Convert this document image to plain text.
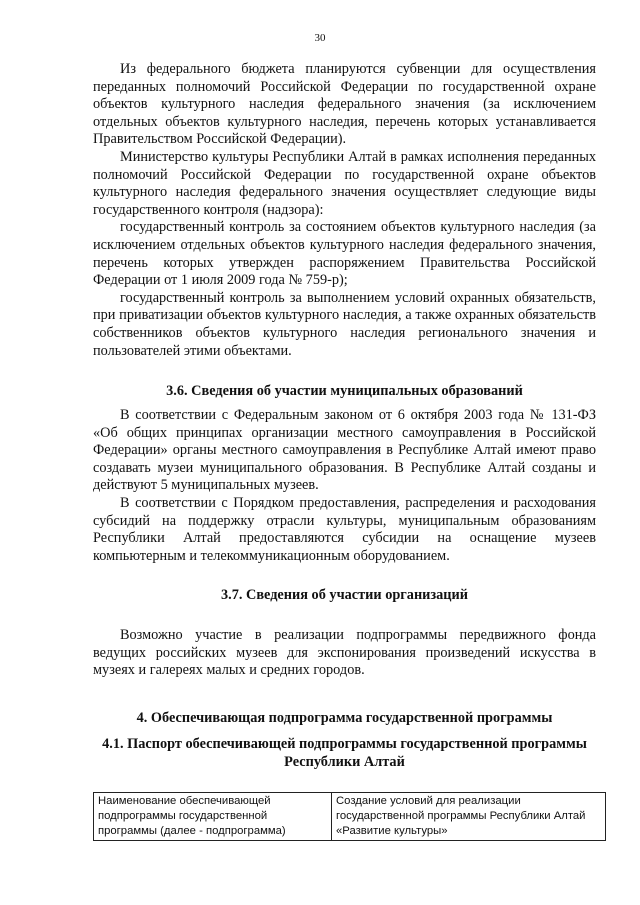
30

Из федерального бюджета планируются субвенции для осуществления переданных полномочий Российской Федерации по государственной охране объектов культурного наследия федерального значения (за исключением отдельных объектов культурного наследия, перечень которых устанавливается Правительством Российской Федерации).

Министерство культуры Республики Алтай в рамках исполнения переданных полномочий Российской Федерации по государственной охране объектов культурного наследия федерального значения осуществляет следующие виды государственного контроля (надзора):

государственный контроль за состоянием объектов культурного наследия (за исключением отдельных объектов культурного наследия федерального значения, перечень которых утвержден распоряжением Правительства Российской Федерации от 1 июля 2009 года № 759-р);

государственный контроль за выполнением условий охранных обязательств, при приватизации объектов культурного наследия, а также охранных обязательств собственников объектов культурного наследия регионального значения и пользователей этими объектами.

3.6. Сведения об участии муниципальных образований

В соответствии с Федеральным законом от 6 октября 2003 года № 131-ФЗ «Об общих принципах организации местного самоуправления в Российской Федерации» органы местного самоуправления в Республике Алтай имеют право создавать музеи муниципального образования. В Республике Алтай созданы и действуют 5 муниципальных музеев.

В соответствии с Порядком предоставления, распределения и расходования субсидий на поддержку отрасли культуры, муниципальным образованиям Республики Алтай предоставляются субсидии на оснащение музеев компьютерным и телекоммуникационным оборудованием.

3.7. Сведения об участии организаций

Возможно участие в реализации подпрограммы передвижного фонда ведущих российских музеев для экспонирования произведений искусства в музеях и галереях малых и средних городов.

4. Обеспечивающая подпрограмма государственной программы
4.1. Паспорт обеспечивающей подпрограммы государственной программы Республики Алтай
Наименование обеспечивающей подпрограммы государственной программы (далее - подпрограмма)	Создание условий для реализации государственной программы Республики Алтай «Развитие культуры»
